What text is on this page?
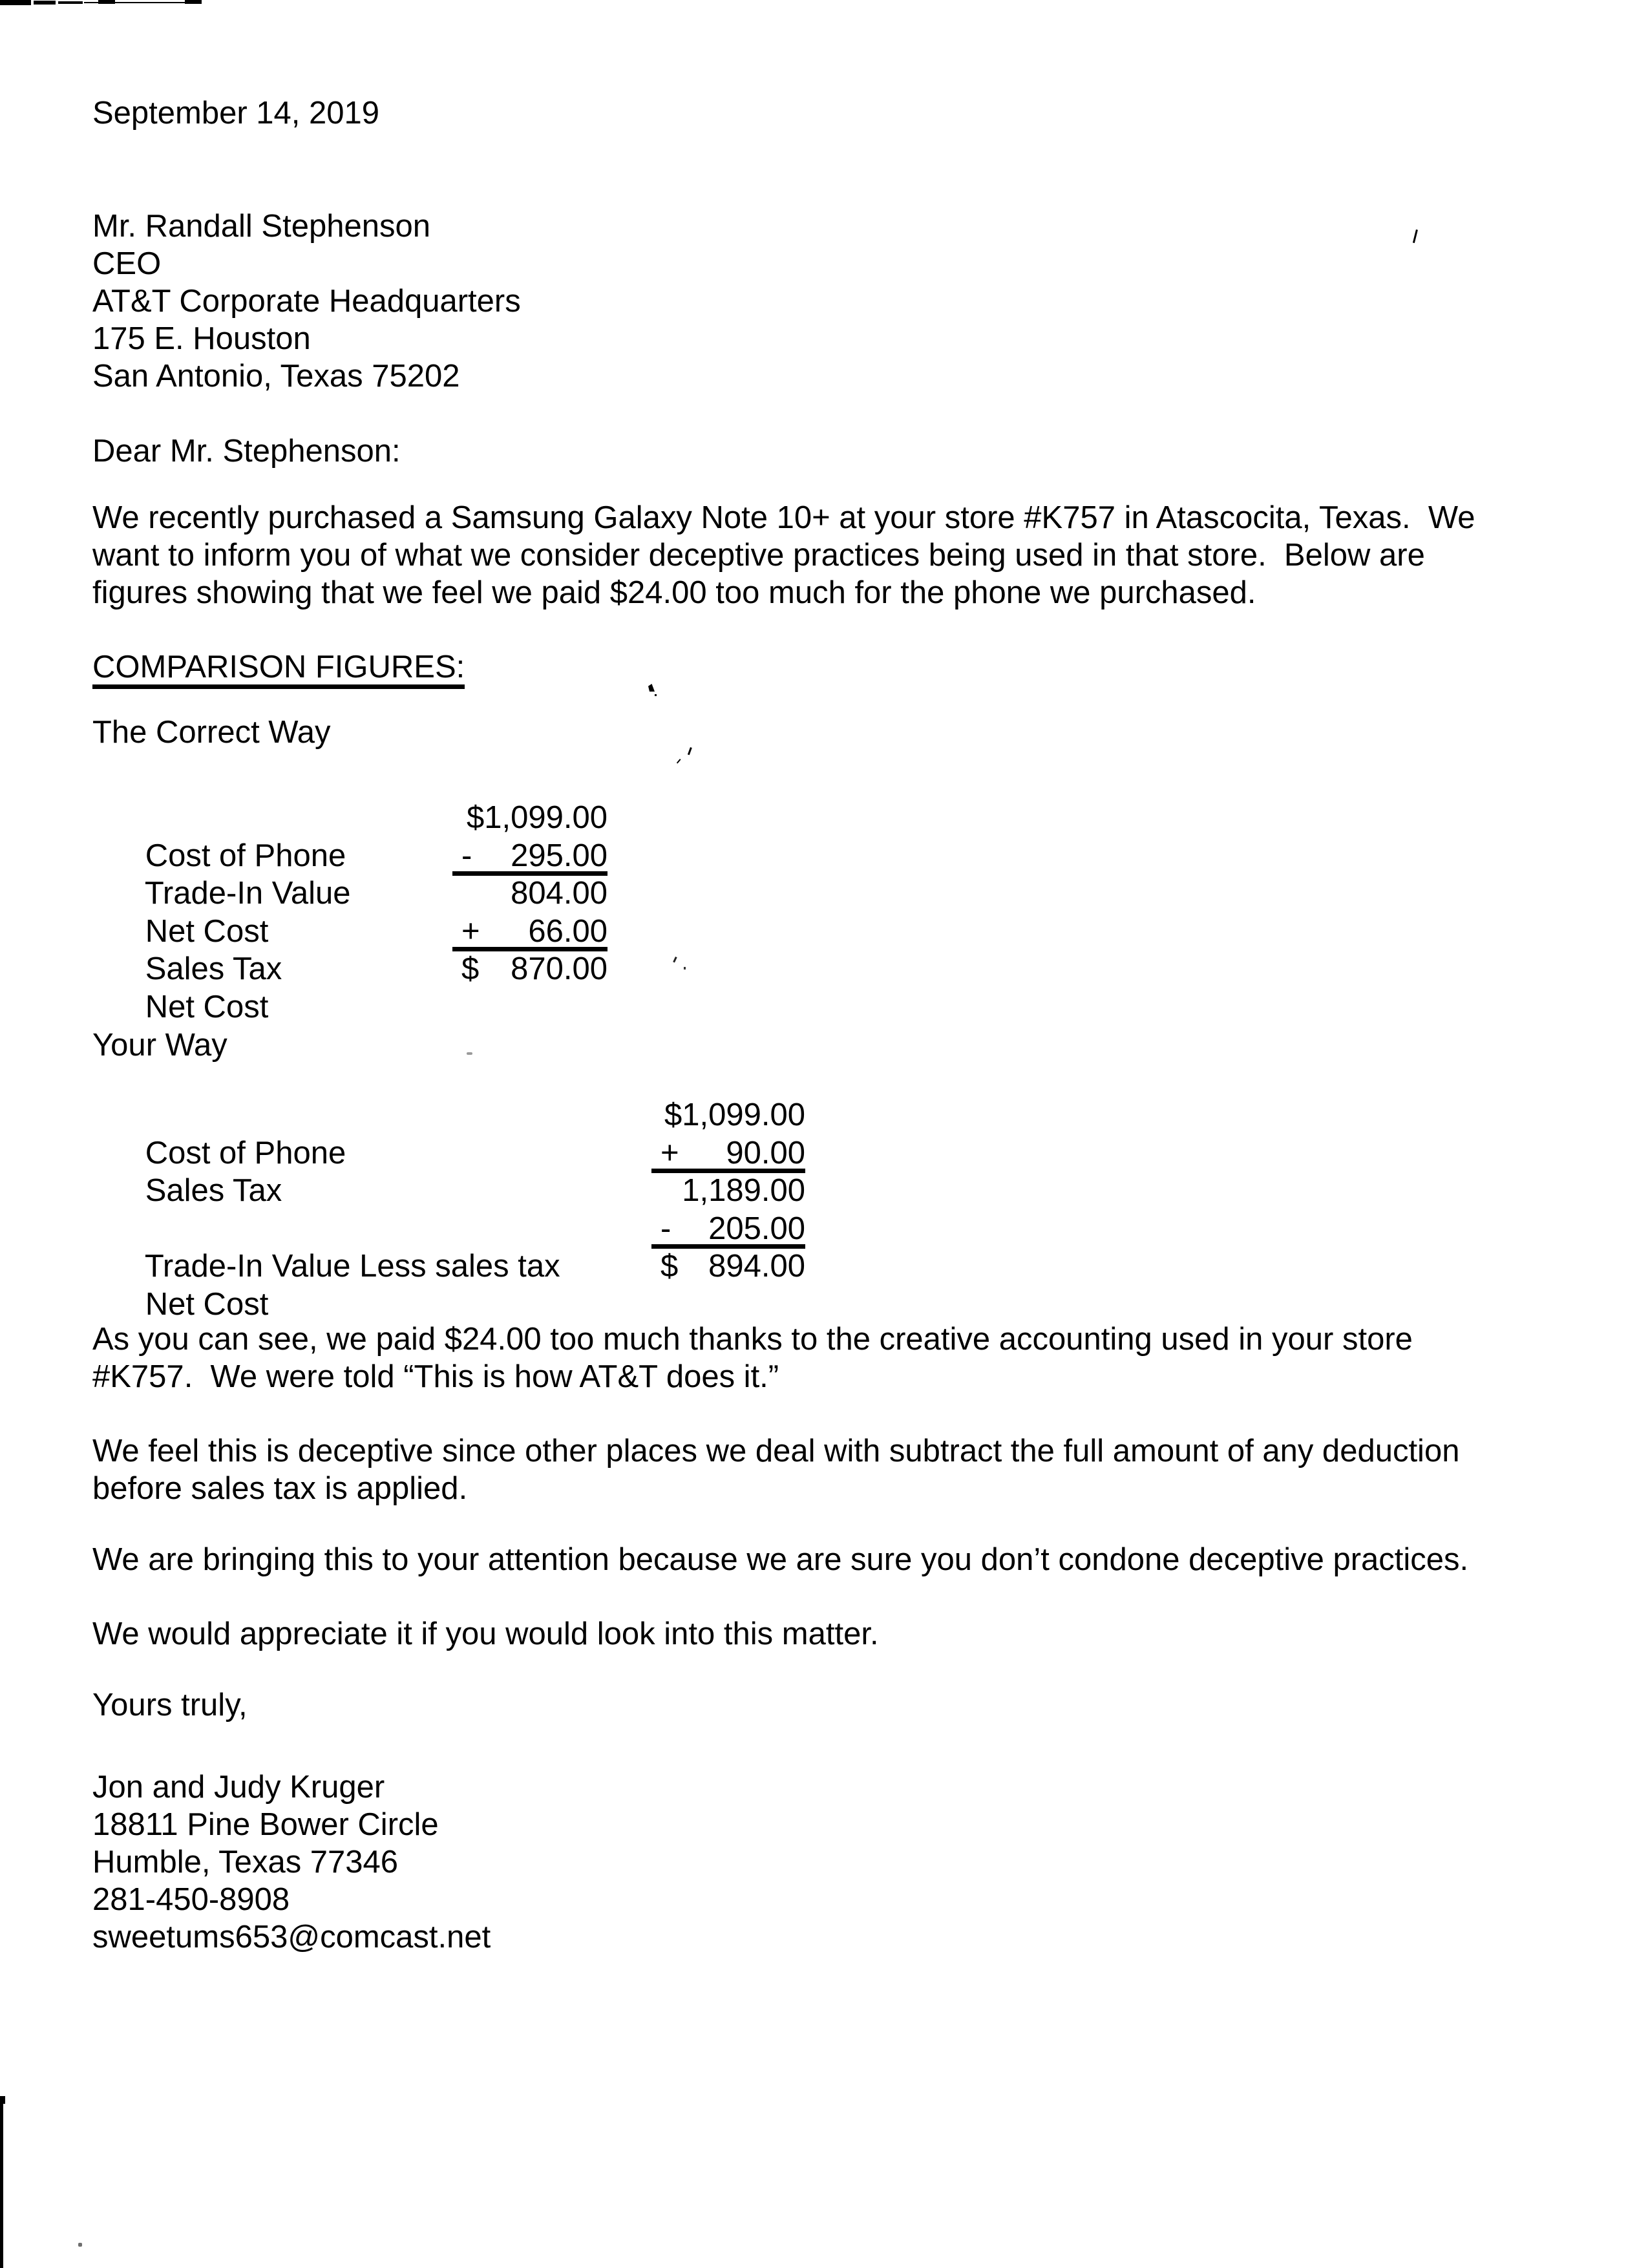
September 14, 2019
Mr. Randall Stephenson
CEO
AT&T Corporate Headquarters
175 E. Houston
San Antonio, Texas 75202
Dear Mr. Stephenson:
We recently purchased a Samsung Galaxy Note 10+ at your store #K757 in Atascocita, Texas.  We
want to inform you of what we consider deceptive practices being used in that store.  Below are
figures showing that we feel we paid $24.00 too much for the phone we purchased.
COMPARISON FIGURES:
The Correct Way

Cost of Phone

$1,099.00

Trade-In Value

- 295.00

Net Cost

804.00

Sales Tax

+ 66.00

Net Cost

$ 870.00

Your Way

Cost of Phone

$1,099.00

Sales Tax

+ 90.00

1,189.00

Trade-In Value Less sales tax

- 205.00

Net Cost

$ 894.00

As you can see, we paid $24.00 too much thanks to the creative accounting used in your store
#K757.  We were told “This is how AT&T does it.”
We feel this is deceptive since other places we deal with subtract the full amount of any deduction
before sales tax is applied.
We are bringing this to your attention because we are sure you don’t condone deceptive practices.
We would appreciate it if you would look into this matter.
Yours truly,
Jon and Judy Kruger
18811 Pine Bower Circle
Humble, Texas 77346
281-450-8908
sweetums653@comcast.net
